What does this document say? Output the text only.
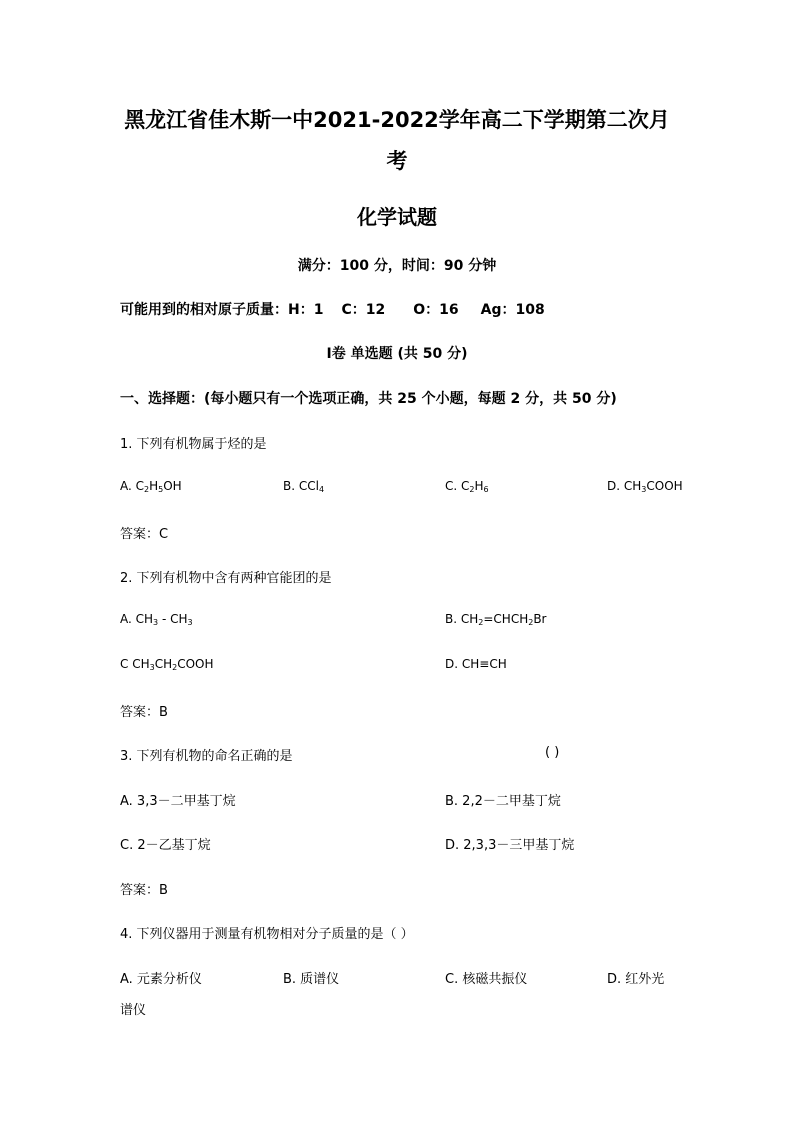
黑龙江省佳木斯一中2021-2022学年高二下学期第二次月
考
化学试题
满分：100 分，时间：90 分钟
可能用到的相对原子质量：H：1 C：12 O：16 Ag：108
Ⅰ卷 单选题 (共 50 分)
一、选择题：(每小题只有一个选项正确，共 25 个小题，每题 2 分，共 50 分)
1. 下列有机物属于烃的是
A. $C_2H_5OH$	B. CCl$_4$	C. $C_2H_6$	D. $CH_3COOH$
答案：C
2. 下列有机物中含有两种官能团的是
A. $CH_3 - CH_3$	B. $CH_2=CHCH_2Br$
C $CH_3CH_2COOH$	D. CH≡CH
答案：B
3. 下列有机物的命名正确的是	( )
A. 3,3－二甲基丁烷	B. 2,2－二甲基丁烷
C. 2－乙基丁烷	D. 2,3,3－三甲基丁烷
答案：B
4. 下列仪器用于测量有机物相对分子质量的是（ ）
A. 元素分析仪	B. 质谱仪	C. 核磁共振仪	D. 红外光
谱仪
